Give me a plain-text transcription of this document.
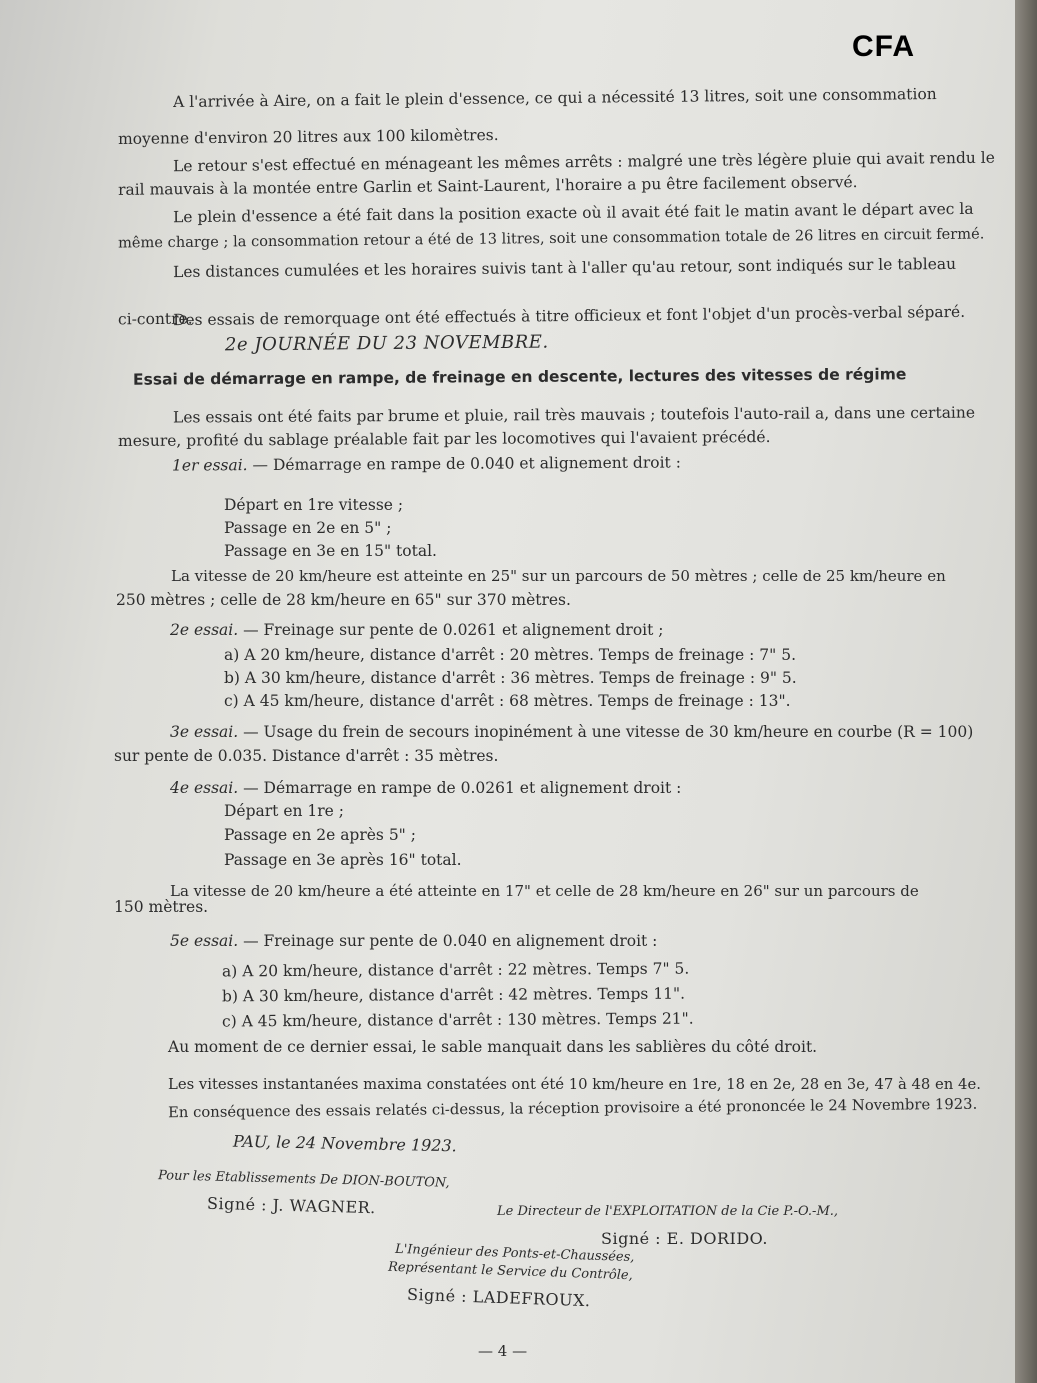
CFA
A l'arrivée à Aire, on a fait le plein d'essence, ce qui a nécessité 13 litres, soit une consommation
moyenne d'environ 20 litres aux 100 kilomètres.
Le retour s'est effectué en ménageant les mêmes arrêts : malgré une très légère pluie qui avait rendu le
rail mauvais à la montée entre Garlin et Saint-Laurent, l'horaire a pu être facilement observé.
Le plein d'essence a été fait dans la position exacte où il avait été fait le matin avant le départ avec la
même charge ; la consommation retour a été de 13 litres, soit une consommation totale de 26 litres en circuit fermé.
Les distances cumulées et les horaires suivis tant à l'aller qu'au retour, sont indiqués sur le tableau
ci-contre.
Des essais de remorquage ont été effectués à titre officieux et font l'objet d'un procès-verbal séparé.
2e JOURNÉE DU 23 NOVEMBRE.
Essai de démarrage en rampe, de freinage en descente, lectures des vitesses de régime
Les essais ont été faits par brume et pluie, rail très mauvais ; toutefois l'auto-rail a, dans une certaine
mesure, profité du sablage préalable fait par les locomotives qui l'avaient précédé.
1er essai. — Démarrage en rampe de 0.040 et alignement droit :
Départ en 1re vitesse ;
Passage en 2e en 5" ;
Passage en 3e en 15" total.
La vitesse de 20 km/heure est atteinte en 25" sur un parcours de 50 mètres ; celle de 25 km/heure en
250 mètres ; celle de 28 km/heure en 65" sur 370 mètres.
2e essai. — Freinage sur pente de 0.0261 et alignement droit ;
a) A 20 km/heure, distance d'arrêt : 20 mètres. Temps de freinage : 7" 5.
b) A 30 km/heure, distance d'arrêt : 36 mètres. Temps de freinage : 9" 5.
c) A 45 km/heure, distance d'arrêt : 68 mètres. Temps de freinage : 13".
3e essai. — Usage du frein de secours inopinément à une vitesse de 30 km/heure en courbe (R = 100)
sur pente de 0.035. Distance d'arrêt : 35 mètres.
4e essai. — Démarrage en rampe de 0.0261 et alignement droit :
Départ en 1re ;
Passage en 2e après 5" ;
Passage en 3e après 16" total.
La vitesse de 20 km/heure a été atteinte en 17" et celle de 28 km/heure en 26" sur un parcours de
150 mètres.
5e essai. — Freinage sur pente de 0.040 en alignement droit :
a) A 20 km/heure, distance d'arrêt : 22 mètres. Temps 7" 5.
b) A 30 km/heure, distance d'arrêt : 42 mètres. Temps 11".
c) A 45 km/heure, distance d'arrêt : 130 mètres. Temps 21".
Au moment de ce dernier essai, le sable manquait dans les sablières du côté droit.
Les vitesses instantanées maxima constatées ont été 10 km/heure en 1re, 18 en 2e, 28 en 3e, 47 à 48 en 4e.
En conséquence des essais relatés ci-dessus, la réception provisoire a été prononcée le 24 Novembre 1923.
PAU, le 24 Novembre 1923.
Pour les Etablissements De DION-BOUTON,
Signé : J. WAGNER.	Le Directeur de l'EXPLOITATION de la Cie P.-O.-M.,
Signé : E. DORIDO.
L'Ingénieur des Ponts-et-Chaussées,
Représentant le Service du Contrôle,
Signé : LADEFROUX.
— 4 —
